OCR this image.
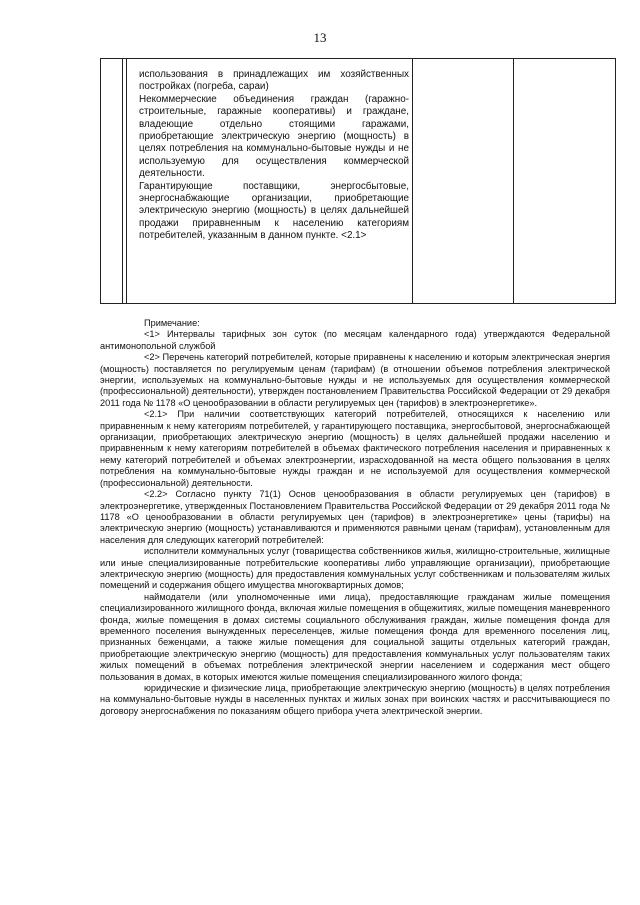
13

использования в принадлежащих им хозяйственных постройках (погреба, сараи)

Некоммерческие объединения граждан (гаражно-строительные, гаражные кооперативы) и граждане, владеющие отдельно стоящими гаражами, приобретающие электрическую энергию (мощность) в целях потребления на коммунально-бытовые нужды и не используемую для осуществления коммерческой деятельности.

Гарантирующие поставщики, энергосбытовые, энергоснабжающие организации, приобретающие электрическую энергию (мощность) в целях дальнейшей продажи приравненным к населению категориям потребителей, указанным в данном пункте. <2.1>

Примечание:

<1> Интервалы тарифных зон суток (по месяцам календарного года) утверждаются Федеральной антимонопольной службой

<2> Перечень категорий потребителей, которые приравнены к населению и которым электрическая энергия (мощность) поставляется по регулируемым ценам (тарифам) (в отношении объемов потребления электрической энергии, используемых на коммунально-бытовые нужды и не используемых для осуществления коммерческой (профессиональной) деятельности), утвержден постановлением Правительства Российской Федерации от 29 декабря 2011 года № 1178 «О ценообразовании в области регулируемых цен (тарифов) в электроэнергетике».

<2.1> При наличии соответствующих категорий потребителей, относящихся к населению или приравненным к нему категориям потребителей, у гарантирующего поставщика, энергосбытовой, энергоснабжающей организации, приобретающих электрическую энергию (мощность) в целях дальнейшей продажи населению и приравненным к нему категориям потребителей в объемах фактического потребления населения и приравненных к нему категорий потребителей и объемах электроэнергии, израсходованной на места общего пользования в целях потребления на коммунально-бытовые нужды граждан и не используемой для осуществления коммерческой (профессиональной) деятельности.

<2.2> Согласно пункту 71(1) Основ ценообразования в области регулируемых цен (тарифов) в электроэнергетике, утвержденных Постановлением Правительства Российской Федерации от 29 декабря 2011 года № 1178 «О ценообразовании в области регулируемых цен (тарифов) в электроэнергетике» цены (тарифы) на электрическую энергию (мощность) устанавливаются и применяются равными ценам (тарифам), установленным для населения для следующих категорий потребителей:

исполнители коммунальных услуг (товарищества собственников жилья, жилищно-строительные, жилищные или иные специализированные потребительские кооперативы либо управляющие организации), приобретающие электрическую энергию (мощность) для предоставления коммунальных услуг собственникам и пользователям жилых помещений и содержания общего имущества многоквартирных домов;

наймодатели (или уполномоченные ими лица), предоставляющие гражданам жилые помещения специализированного жилищного фонда, включая жилые помещения в общежитиях, жилые помещения маневренного фонда, жилые помещения в домах системы социального обслуживания граждан, жилые помещения фонда для временного поселения вынужденных переселенцев, жилые помещения фонда для временного поселения лиц, признанных беженцами, а также жилые помещения для социальной защиты отдельных категорий граждан, приобретающие электрическую энергию (мощность) для предоставления коммунальных услуг пользователям таких жилых помещений в объемах потребления электрической энергии населением и содержания мест общего пользования в домах, в которых имеются жилые помещения специализированного жилого фонда;

юридические и физические лица, приобретающие электрическую энергию (мощность) в целях потребления на коммунально-бытовые нужды в населенных пунктах и жилых зонах при воинских частях и рассчитывающиеся по договору энергоснабжения по показаниям общего прибора учета электрической энергии.
